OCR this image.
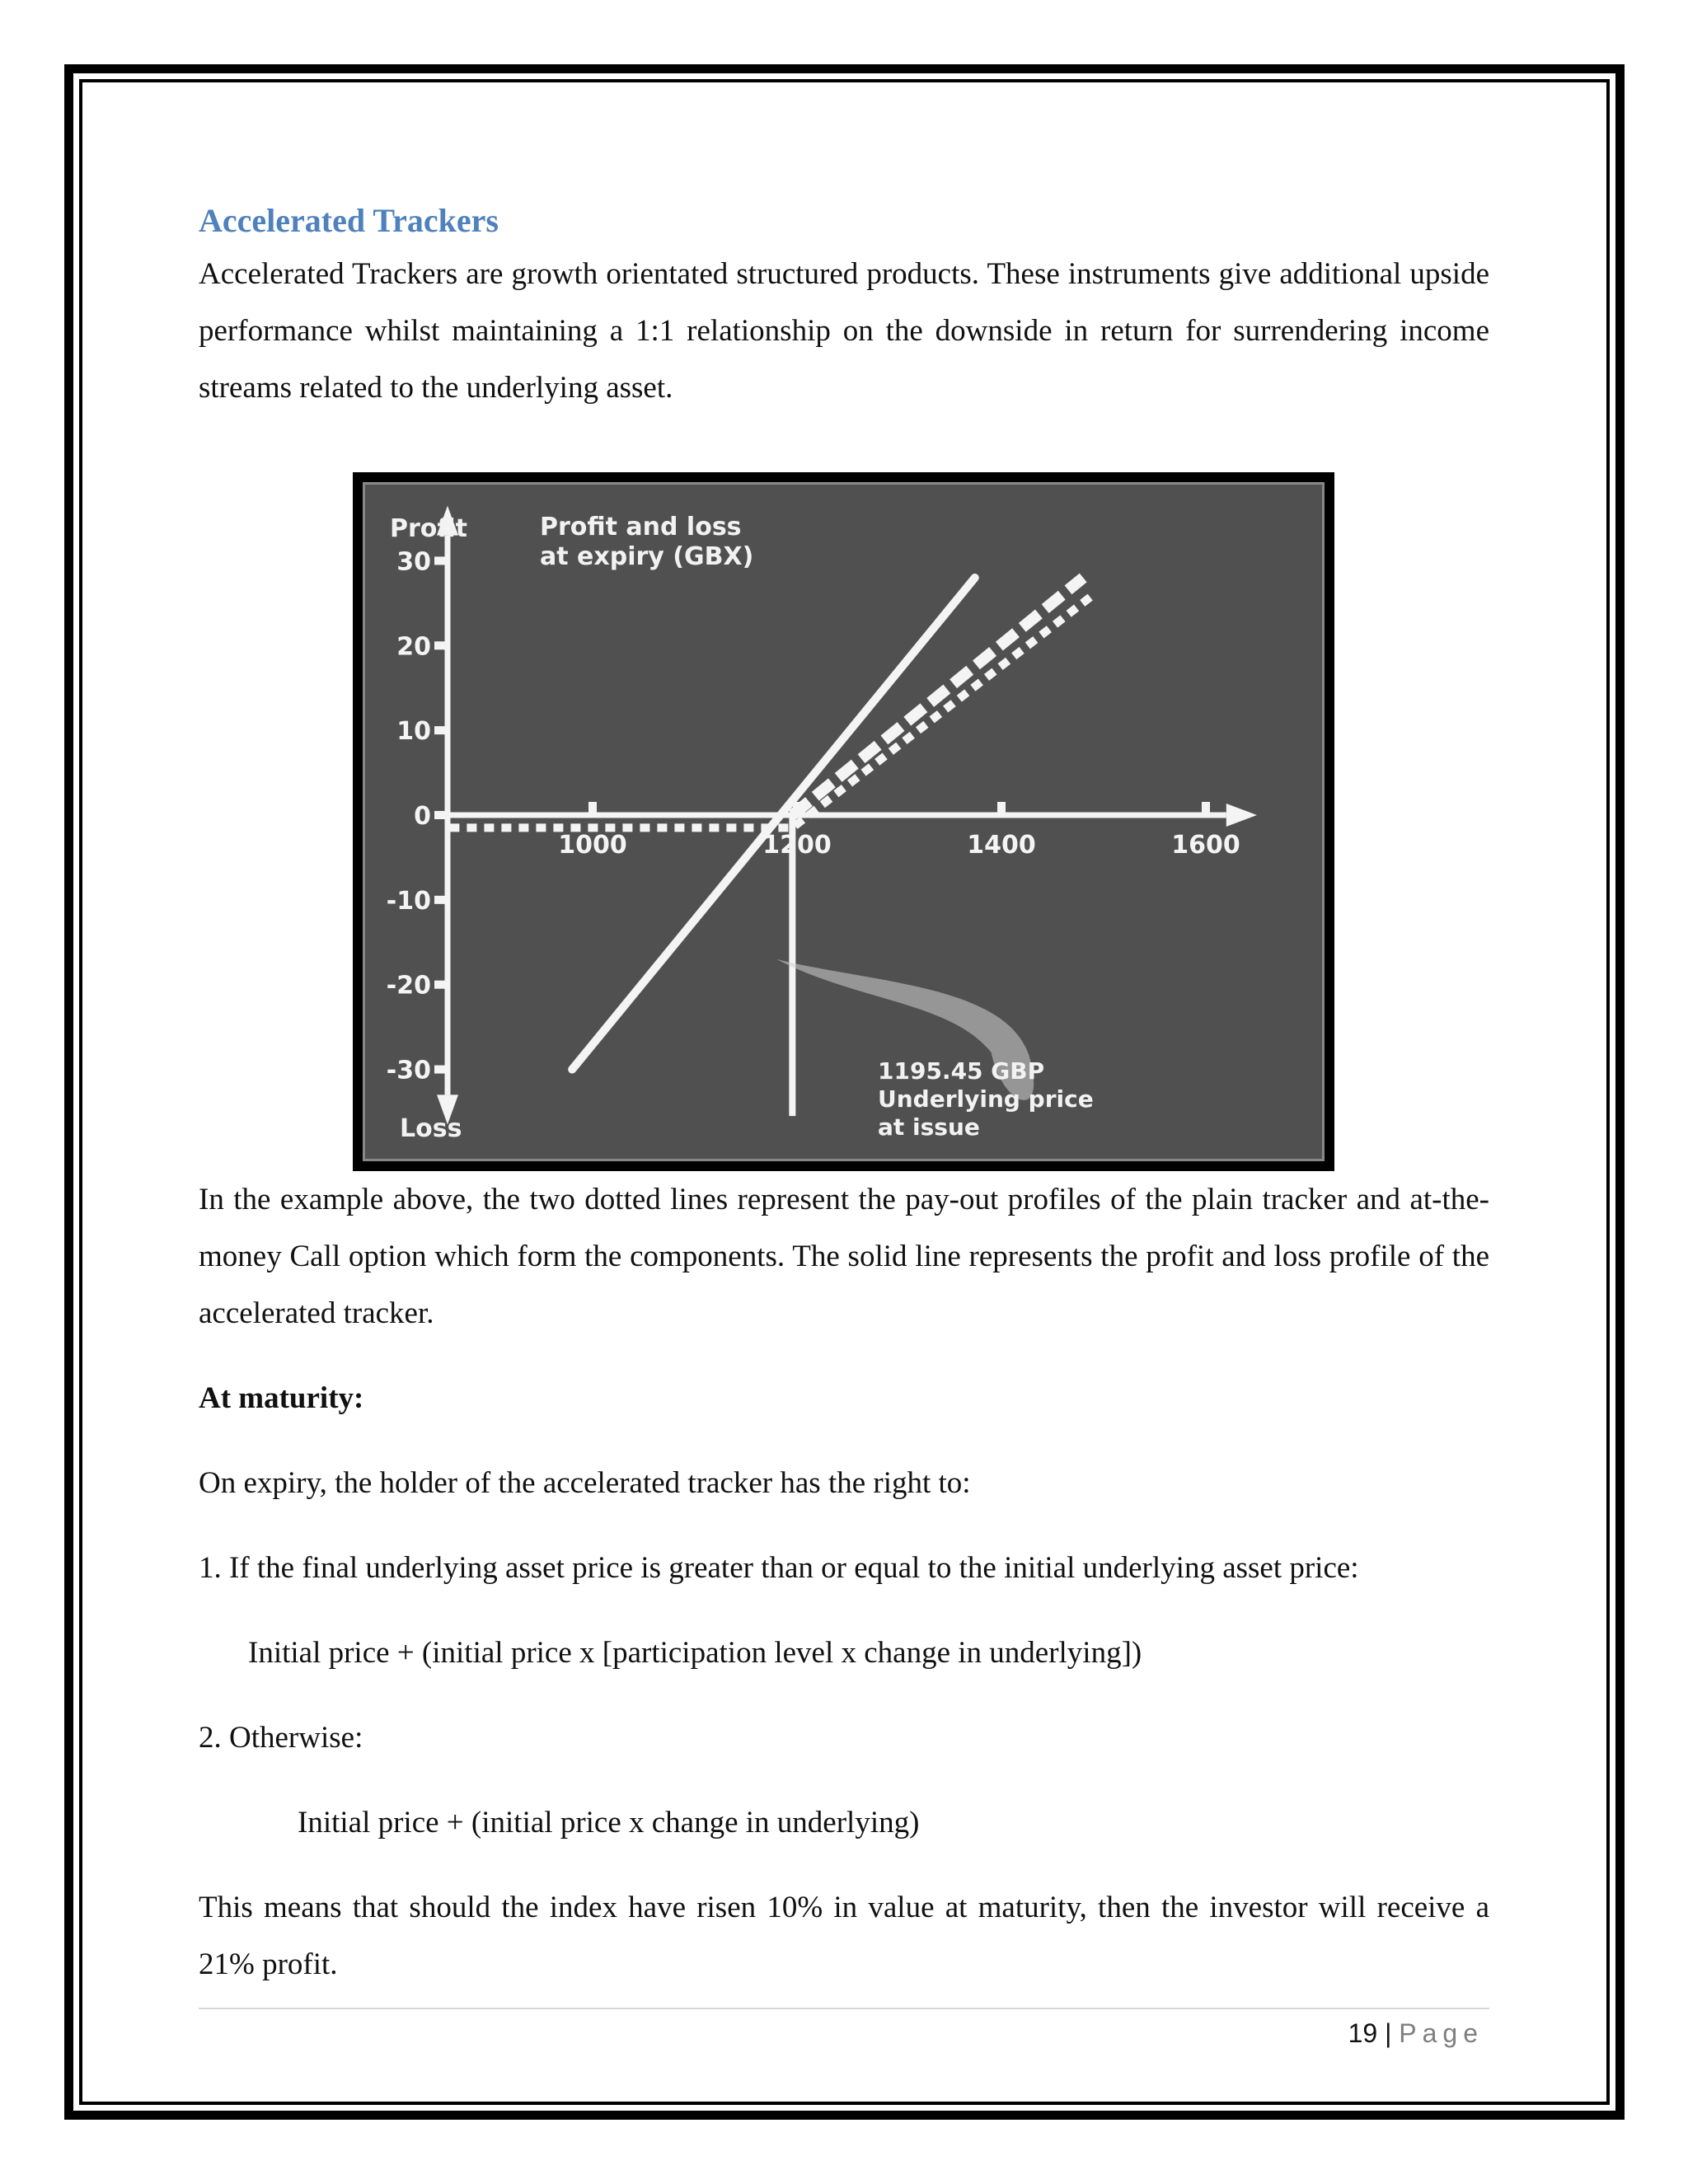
Accelerated Trackers

Accelerated Trackers are growth orientated structured products. These instruments give additional upside performance whilst maintaining a 1:1 relationship on the downside in return for surrendering income streams related to the underlying asset.

30
20
10
0
-10
-20
-30
1000	1200	1400	1600
Profit
Loss
Profit and loss at expiry (GBX)
1195.45 GBP Underlying price at issue

In the example above, the two dotted lines represent the pay-out profiles of the plain tracker and at-the-money Call option which form the components. The solid line represents the profit and loss profile of the accelerated tracker.

At maturity:

On expiry, the holder of the accelerated tracker has the right to:

1. If the final underlying asset price is greater than or equal to the initial underlying asset price:

Initial price + (initial price x [participation level x change in underlying])

2. Otherwise:

Initial price + (initial price x change in underlying)

This means that should the index have risen 10% in value at maturity, then the investor will receive a 21% profit.

19 | Page
